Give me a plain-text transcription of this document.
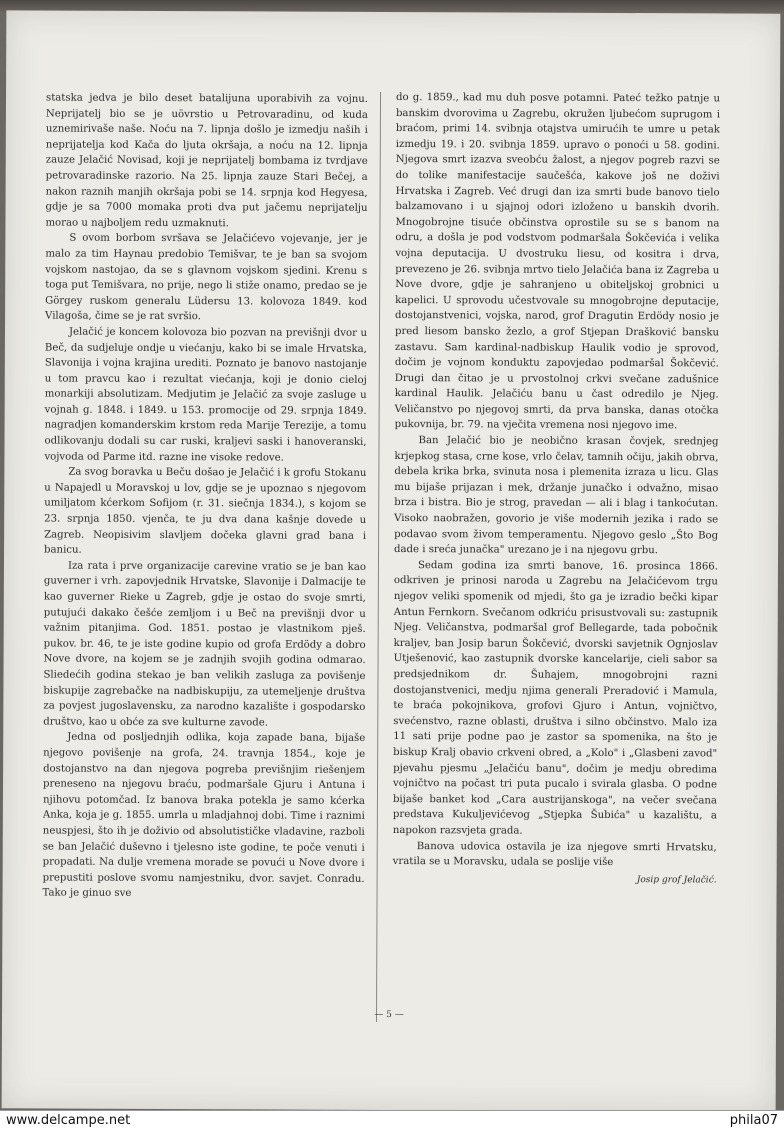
statska jedva je bilo deset batalijuna uporabivih za vojnu. Neprijatelj bio se je uövrstio u Petrovaradinu, od kuda uznemirivaše naše. Noću na 7. lipnja došlo je izmedju naših i neprijatelja kod Kača do ljuta okršaja, a noću na 12. lipnja zauze Jelačić Novisad, koji je neprijatelj bombama iz tvrdjave petrovaradinske razorio. Na 25. lipnja zauze Stari Bečej, a nakon raznih manjih okršaja pobi se 14. srpnja kod Hegyesa, gdje je sa 7000 momaka proti dva put jačemu neprijatelju morao u najboljem redu uzmaknuti.

S ovom borbom svršava se Jelačićevo vojevanje, jer je malo za tim Haynau predobio Temišvar, te je ban sa svojom vojskom nastojao, da se s glavnom vojskom sjedini. Krenu s toga put Temišvara, no prije, nego li stiže onamo, predao se je Görgey ruskom generalu Lüdersu 13. kolovoza 1849. kod Vilagoša, čime se je rat svršio.

Jelačić je koncem kolovoza bio pozvan na previšnji dvor u Beč, da sudjeluje ondje u viećanju, kako bi se imale Hrvatska, Slavonija i vojna krajina urediti. Poznato je banovo nastojanje u tom pravcu kao i rezultat viećanja, koji je donio cielој monarkiji absolutizam. Medjutim je Jelačić za svoje zasluge u vojnah g. 1848. i 1849. u 153. promocije od 29. srpnja 1849. nagradjen komanderskim krstom reda Marije Terezije, a tomu odlikovanju dodali su car ruski, kraljevi saski i hanoveranski, vojvoda od Parme itd. razne ine visoke redove.

Za svog boravka u Beču došao je Jelačić i k grofu Stokanu u Napajedl u Moravskoj u lov, gdje se je upoznao s njegovom umiljatom kćerkom Sofijom (r. 31. siečnja 1834.), s kojom se 23. srpnja 1850. vjenča, te ju dva dana kašnje dovede u Zagreb. Neopisivim slavljem dočeka glavni grad bana i banicu.

Iza rata i prve organizacije carevine vratio se je ban kao guverner i vrh. zapovjednik Hrvatske, Slavonije i Dalmacije te kao guverner Rieke u Zagreb, gdje je ostao do svoje smrti, putujući dakako češće zemljom i u Beč na previšnji dvor u važnim pitanjima. God. 1851. postao je vlastnikom pješ. pukov. br. 46, te je iste godine kupio od grofa Erdödy a dobro Nove dvore, na kojem se je zadnjih svojih godina odmarao. Sliedećih godina stekao je ban velikih zasluga za povišenje biskupije zagrebačke na nadbiskupiju, za utemeljenje društva za povjest jugoslavensku, za narodno kazalište i gospodarsko društvo, kao u obće za sve kulturne zavode.

Jedna od posljednjih odlika, koja zapade bana, bijaše njegovo povišenje na grofa, 24. travnja 1854., koje je dostojanstvo na dan njegova pogreba previšnjim riešenjem preneseno na njegovu braću, podmaršale Gjuru i Antuna i njihovu potomčad. Iz banova braka potekla je samo kćerka Anka, koja je g. 1855. umrla u mladjahnoj dobi. Time i raznimi neuspjesi, što ih je doživio od absolutističke vladavine, razboli se ban Jelačić duševno i tjelesno iste godine, te poče venuti i propadati. Na dulje vremena morade se povući u Nove dvore i prepustiti poslove svomu namjestniku, dvor. savjet. Conradu. Tako je ginuo sve

do g. 1859., kad mu duh posve potamni. Pateć težko patnje u banskim dvorovima u Zagrebu, okružen ljubećom suprugom i braćom, primi 14. svibnja otajstva umirućih te umre u petak izmedju 19. i 20. svibnja 1859. upravo o ponoći u 58. godini. Njegova smrt izazva sveobću žalost, a njegov pogreb razvi se do tolike manifestacije saučešća, kakove još ne doživi Hrvatska i Zagreb. Već drugi dan iza smrti bude banovo tielo balzamovano i u sjajnoj odori izloženo u banskih dvorih. Mnogobrojne tisuće občinstva oprostile su se s banom na odru, a došla je pod vodstvom podmaršala Šokčevića i velika vojna deputacija. U dvostruku liesu, od kositra i drva, prevezeno je 26. svibnja mrtvo tielo Jelačića bana iz Zagreba u Nove dvore, gdje je sahranjeno u obiteljskoj grobnici u kapelici. U sprovodu učestvovale su mnogobrojne deputacije, dostojanstvenici, vojska, narod, grof Dragutin Erdödy nosio je pred liesom bansko žezlo, a grof Stjepan Drašković bansku zastavu. Sam kardinal-nadbiskup Haulik vodio je sprovod, dočim je vojnom konduktu zapovjedao podmaršal Šokčević. Drugi dan čitao je u prvostolnoj crkvi svečane zadušnice kardinal Haulik. Jelačiću banu u čast odredilo je Njeg. Veličanstvo po njegovoj smrti, da prva banska, danas otočka pukovnija, br. 79. na vječita vremena nosi njegovo ime.

Ban Jelačić bio je neobično krasan čovjek, srednjeg krjepkog stasa, crne kose, vrlo čelav, tamnih očiju, jakih obrva, debela krika brka, svinuta nosa i plemenita izraza u licu. Glas mu bijaše prijazan i mek, držanje junačko i odvažno, misao brza i bistra. Bio je strog, pravedan — ali i blag i tankoćutan. Visoko naobražen, govorio je više modernih jezika i rado se podavao svom živom temperamentu. Njegovo geslo „Što Bog dade i sreća junačka" urezano je i na njegovu grbu.

Sedam godina iza smrti banove, 16. prosinca 1866. odkriven je prinosi naroda u Zagrebu na Jelačićevom trgu njegov veliki spomenik od mjedi, što ga je izradio bečki kipar Antun Fernkorn. Svečanom odkriću prisustvovali su: zastupnik Njeg. Veličanstva, podmaršal grof Bellegarde, tada pobočnik kraljev, ban Josip barun Šokčević, dvorski savjetnik Ognjoslav Utješenović, kao zastupnik dvorske kancelarije, cieli sabor sa predsjednikom dr. Šuhajem, mnogobrojni razni dostojanstvenici, medju njima generali Preradović i Mamula, te braća pokojnikova, grofovi Gjuro i Antun, vojničtvo, svećenstvo, razne oblasti, društva i silno občinstvo. Malo iza 11 sati prije podne pao je zastor sa spomenika, na što je biskup Kralj obavio crkveni obred, a „Kolo" i „Glasbeni zavod" pjevahu pjesmu „Jelačiću banu", dočim je medju obredima vojničtvo na počast tri puta pucalo i svirala glasba. O podne bijaše banket kod „Cara austrijanskoga", na večer svečana predstava Kukuljevićevog „Stjepka Šubića" u kazalištu, a napokon razsvjeta grada.

Banova udovica ostavila je iza njegove smrti Hrvatsku, vratila se u Moravsku, udala se poslije više

Josip grof Jelačić.
— 5 —
www.delcampe.net	phila07
